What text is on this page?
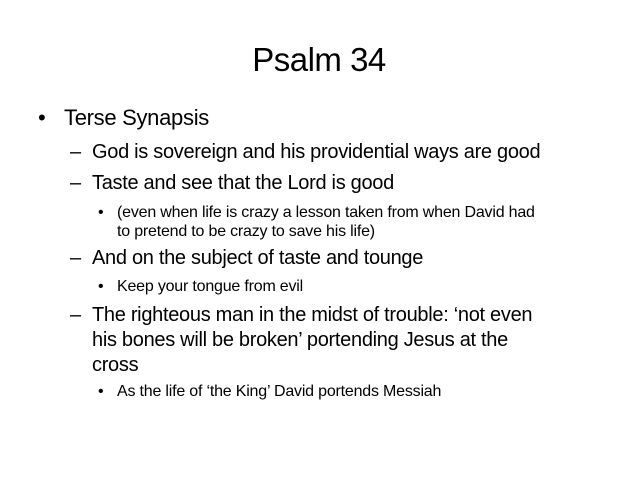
Psalm 34
• Terse Synapsis
– God is sovereign and his providential ways are good
– Taste and see that the Lord is good
• (even when life is crazy a lesson taken from when David had
to pretend to be crazy to save his life)
– And on the subject of taste and tounge
• Keep your tongue from evil
– The righteous man in the midst of trouble: ‘not even
his bones will be broken’ portending Jesus at the
cross
• As the life of ‘the King’ David portends Messiah
